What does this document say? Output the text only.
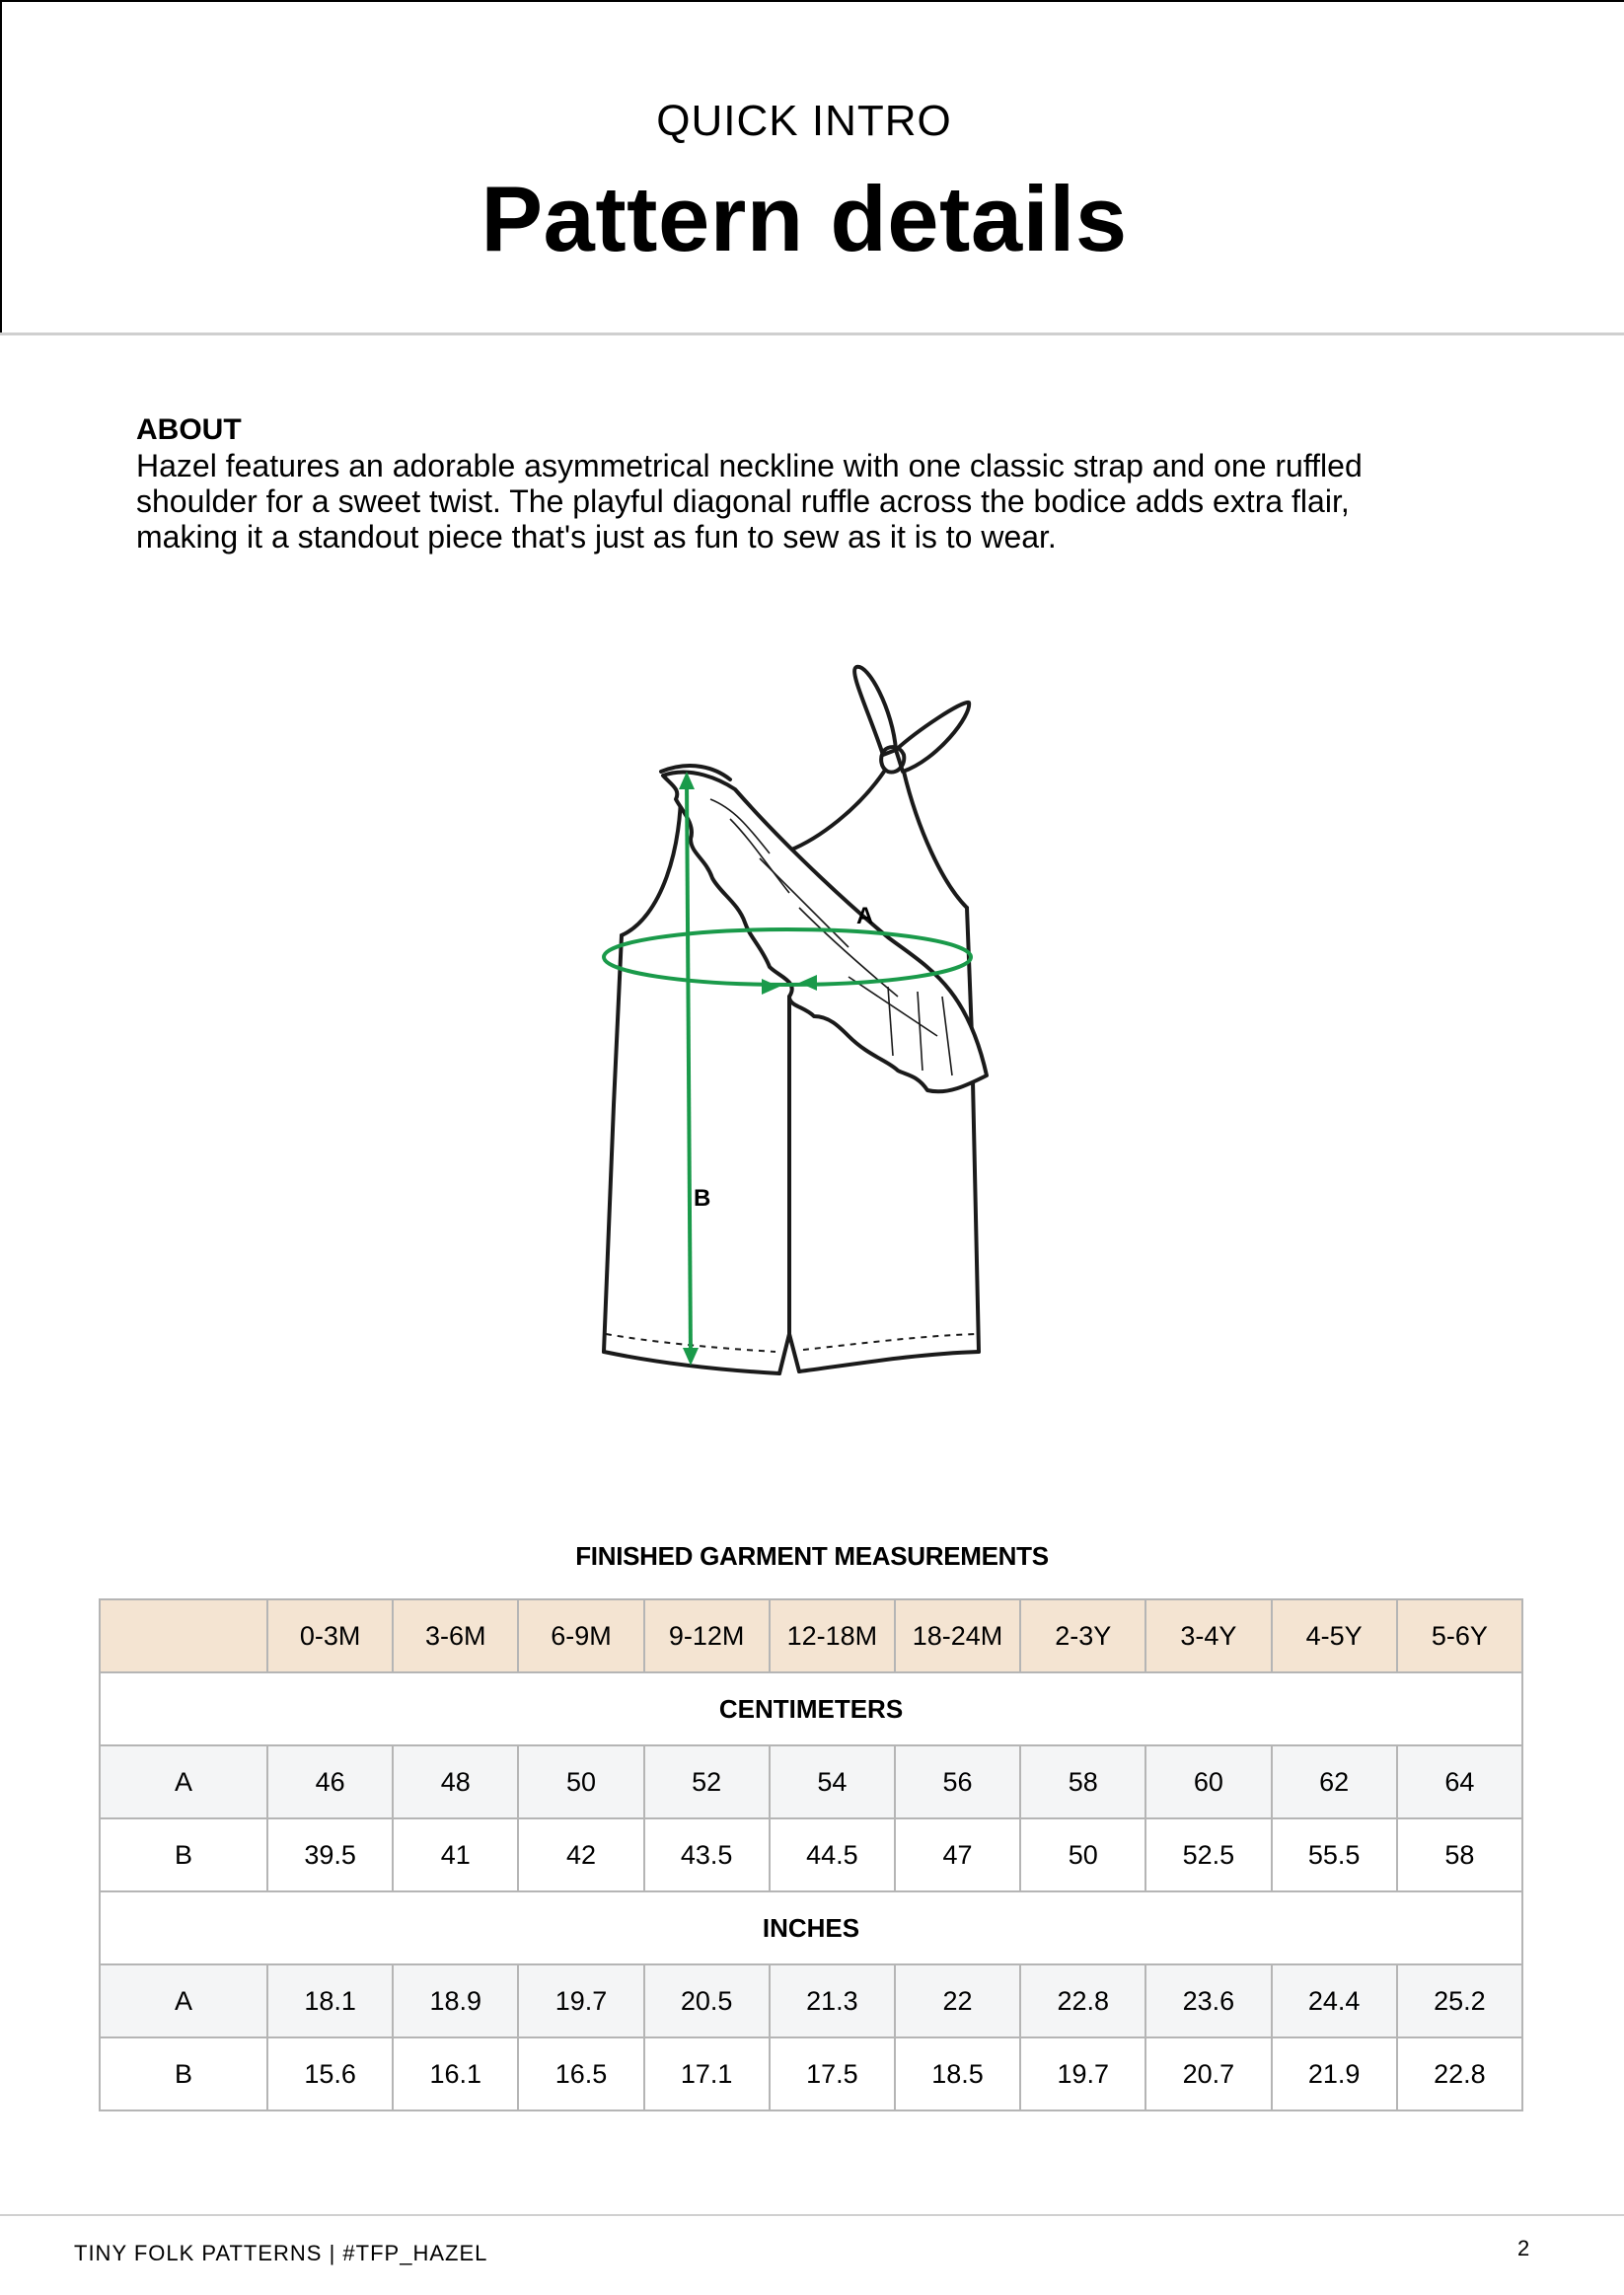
QUICK INTRO
Pattern details
ABOUT
Hazel features an adorable asymmetrical neckline with one classic strap and one ruffled
shoulder for a sweet twist. The playful diagonal ruffle across the bodice adds extra flair,
making it a standout piece that's just as fun to sew as it is to wear.
A
B
FINISHED GARMENT MEASUREMENTS
	0-3M	3-6M	6-9M	9-12M	12-18M	18-24M	2-3Y	3-4Y	4-5Y	5-6Y
CENTIMETERS										
A	46	48	50	52	54	56	58	60	62	64
B	39.5	41	42	43.5	44.5	47	50	52.5	55.5	58
INCHES										
A	18.1	18.9	19.7	20.5	21.3	22	22.8	23.6	24.4	25.2
B	15.6	16.1	16.5	17.1	17.5	18.5	19.7	20.7	21.9	22.8
TINY FOLK PATTERNS | #TFP_HAZEL	2
